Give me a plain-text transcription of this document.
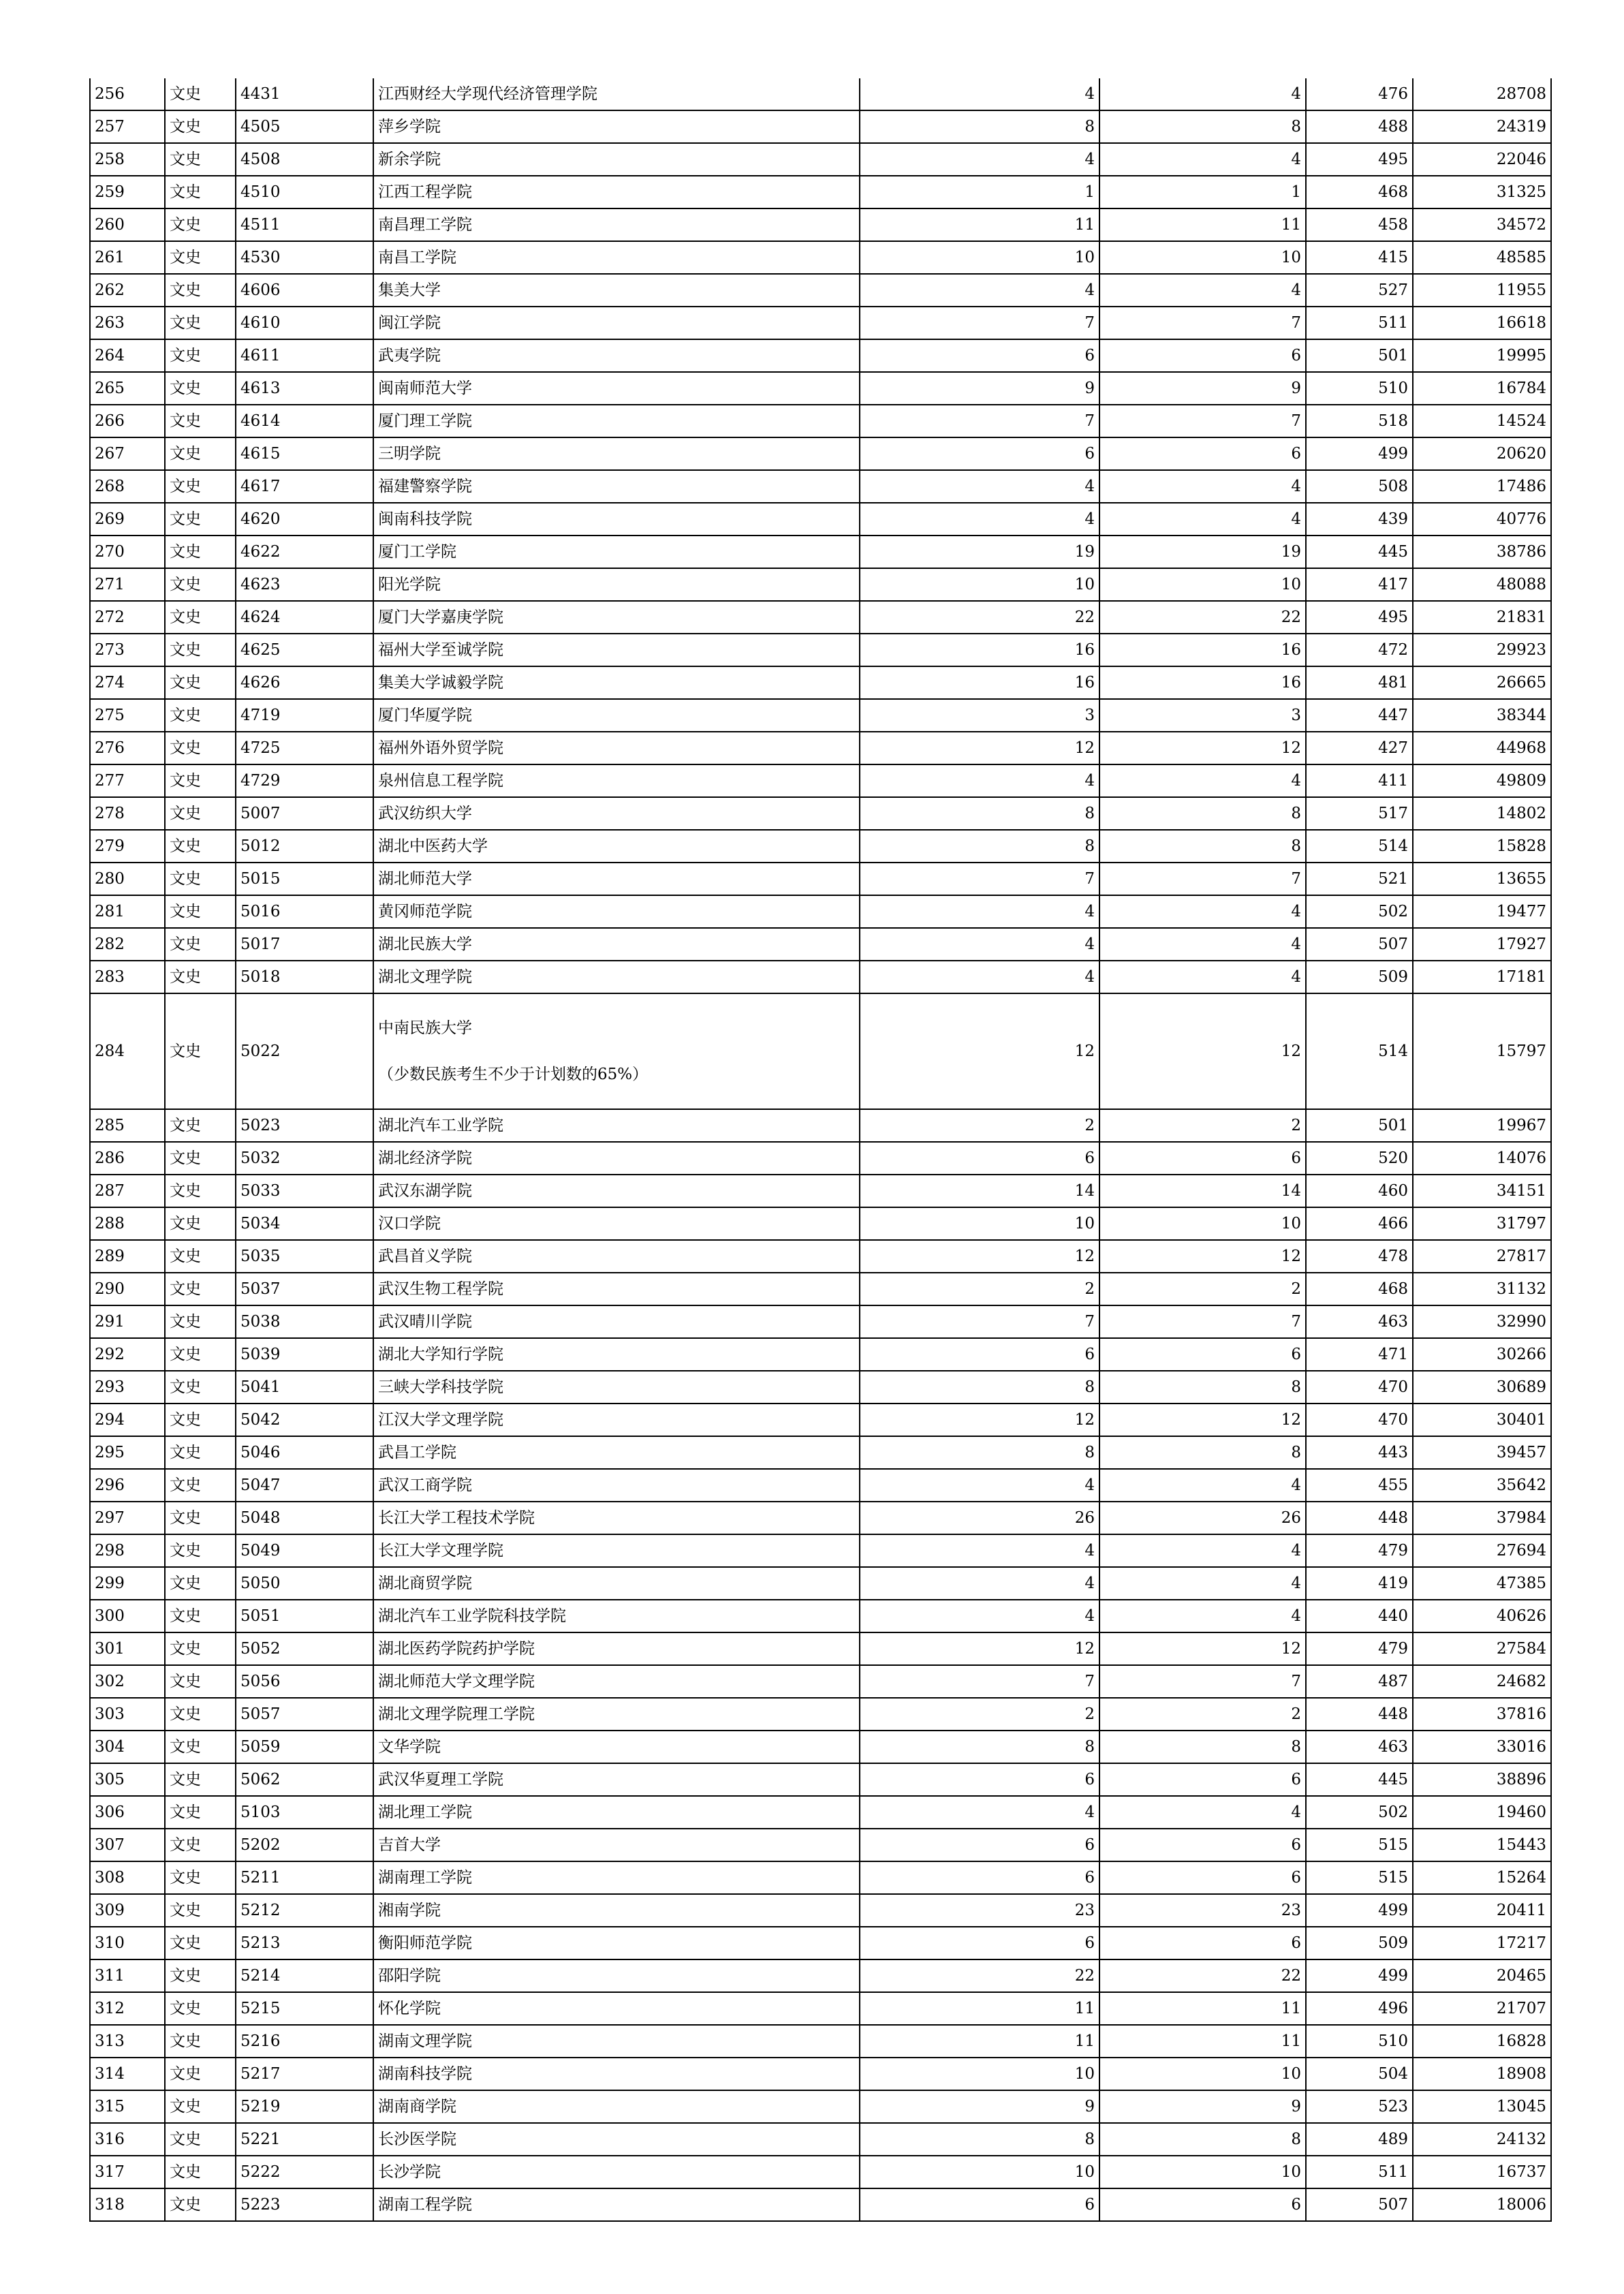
256	文史	4431	江西财经大学现代经济管理学院	4	4	476	28708
257	文史	4505	萍乡学院	8	8	488	24319
258	文史	4508	新余学院	4	4	495	22046
259	文史	4510	江西工程学院	1	1	468	31325
260	文史	4511	南昌理工学院	11	11	458	34572
261	文史	4530	南昌工学院	10	10	415	48585
262	文史	4606	集美大学	4	4	527	11955
263	文史	4610	闽江学院	7	7	511	16618
264	文史	4611	武夷学院	6	6	501	19995
265	文史	4613	闽南师范大学	9	9	510	16784
266	文史	4614	厦门理工学院	7	7	518	14524
267	文史	4615	三明学院	6	6	499	20620
268	文史	4617	福建警察学院	4	4	508	17486
269	文史	4620	闽南科技学院	4	4	439	40776
270	文史	4622	厦门工学院	19	19	445	38786
271	文史	4623	阳光学院	10	10	417	48088
272	文史	4624	厦门大学嘉庚学院	22	22	495	21831
273	文史	4625	福州大学至诚学院	16	16	472	29923
274	文史	4626	集美大学诚毅学院	16	16	481	26665
275	文史	4719	厦门华厦学院	3	3	447	38344
276	文史	4725	福州外语外贸学院	12	12	427	44968
277	文史	4729	泉州信息工程学院	4	4	411	49809
278	文史	5007	武汉纺织大学	8	8	517	14802
279	文史	5012	湖北中医药大学	8	8	514	15828
280	文史	5015	湖北师范大学	7	7	521	13655
281	文史	5016	黄冈师范学院	4	4	502	19477
282	文史	5017	湖北民族大学	4	4	507	17927
283	文史	5018	湖北文理学院	4	4	509	17181
284	文史	5022	中南民族大学
（少数民族考生不少于计划数的65%）	12	12	514	15797
285	文史	5023	湖北汽车工业学院	2	2	501	19967
286	文史	5032	湖北经济学院	6	6	520	14076
287	文史	5033	武汉东湖学院	14	14	460	34151
288	文史	5034	汉口学院	10	10	466	31797
289	文史	5035	武昌首义学院	12	12	478	27817
290	文史	5037	武汉生物工程学院	2	2	468	31132
291	文史	5038	武汉晴川学院	7	7	463	32990
292	文史	5039	湖北大学知行学院	6	6	471	30266
293	文史	5041	三峡大学科技学院	8	8	470	30689
294	文史	5042	江汉大学文理学院	12	12	470	30401
295	文史	5046	武昌工学院	8	8	443	39457
296	文史	5047	武汉工商学院	4	4	455	35642
297	文史	5048	长江大学工程技术学院	26	26	448	37984
298	文史	5049	长江大学文理学院	4	4	479	27694
299	文史	5050	湖北商贸学院	4	4	419	47385
300	文史	5051	湖北汽车工业学院科技学院	4	4	440	40626
301	文史	5052	湖北医药学院药护学院	12	12	479	27584
302	文史	5056	湖北师范大学文理学院	7	7	487	24682
303	文史	5057	湖北文理学院理工学院	2	2	448	37816
304	文史	5059	文华学院	8	8	463	33016
305	文史	5062	武汉华夏理工学院	6	6	445	38896
306	文史	5103	湖北理工学院	4	4	502	19460
307	文史	5202	吉首大学	6	6	515	15443
308	文史	5211	湖南理工学院	6	6	515	15264
309	文史	5212	湘南学院	23	23	499	20411
310	文史	5213	衡阳师范学院	6	6	509	17217
311	文史	5214	邵阳学院	22	22	499	20465
312	文史	5215	怀化学院	11	11	496	21707
313	文史	5216	湖南文理学院	11	11	510	16828
314	文史	5217	湖南科技学院	10	10	504	18908
315	文史	5219	湖南商学院	9	9	523	13045
316	文史	5221	长沙医学院	8	8	489	24132
317	文史	5222	长沙学院	10	10	511	16737
318	文史	5223	湖南工程学院	6	6	507	18006
